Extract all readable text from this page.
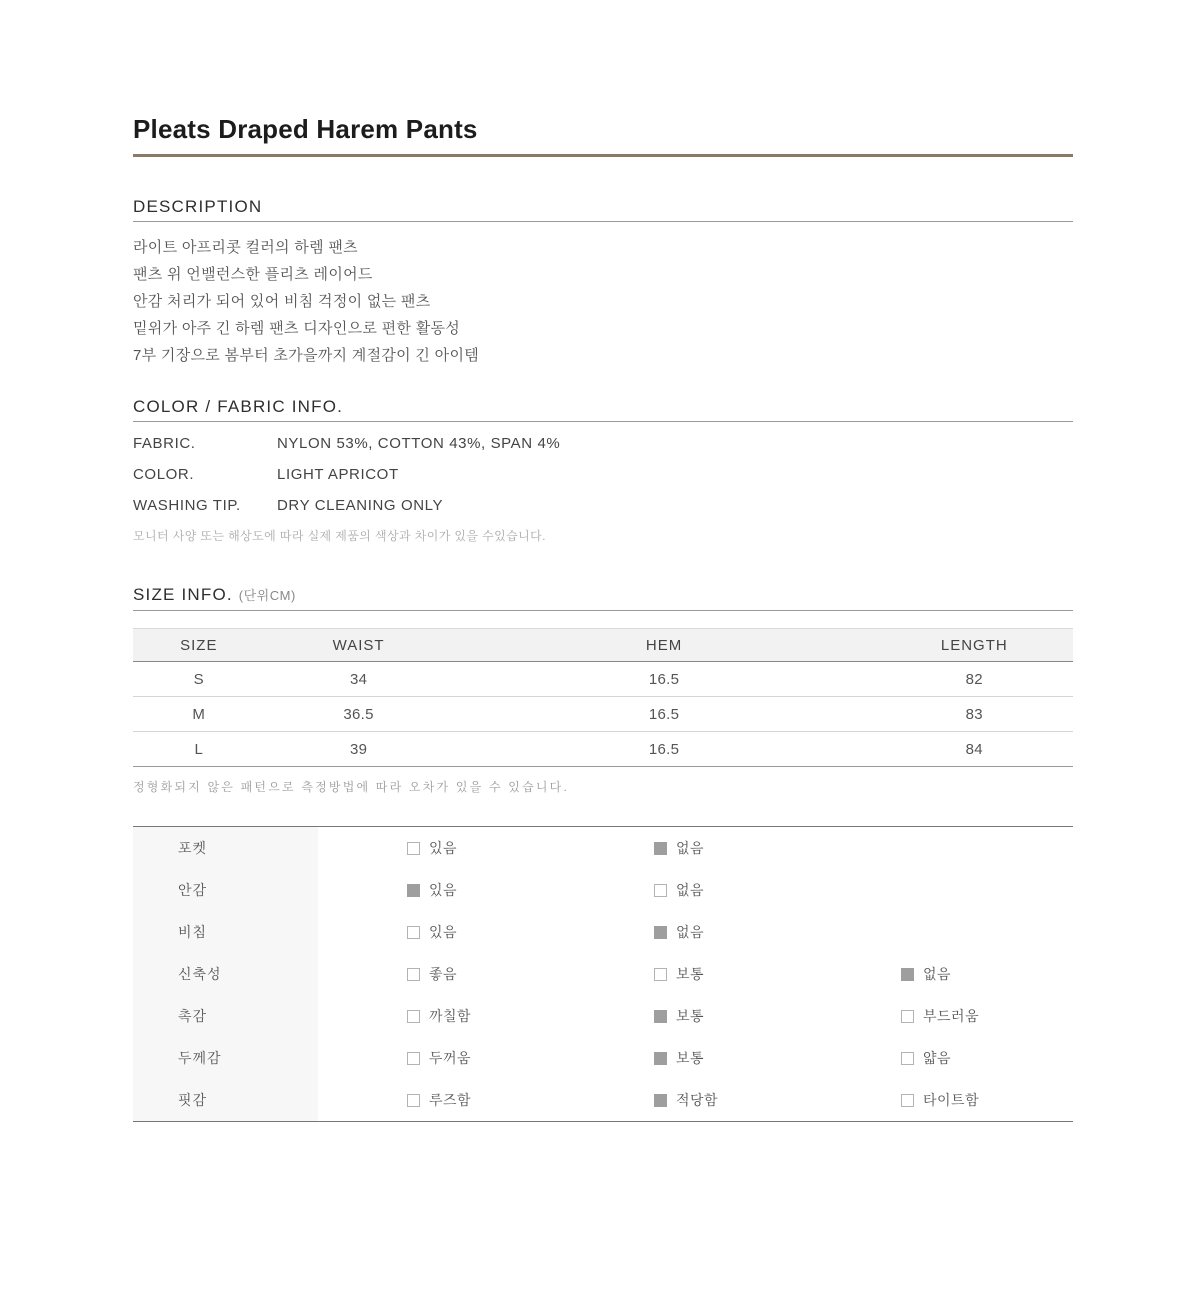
Pleats Draped Harem Pants
DESCRIPTION

라이트 아프리콧 컬러의 하렘 팬츠

팬츠 위 언밸런스한 플리츠 레이어드

안감 처리가 되어 있어 비침 걱정이 없는 팬츠

밑위가 아주 긴 하렘 팬츠 디자인으로 편한 활동성

7부 기장으로 봄부터 초가을까지 계절감이 긴 아이템

COLOR / FABRIC INFO.
FABRIC.	NYLON 53%, COTTON 43%, SPAN 4%
COLOR.	LIGHT APRICOT
WASHING TIP.	DRY CLEANING ONLY

모니터 사양 또는 해상도에 따라 실제 제품의 색상과 차이가 있을 수있습니다.

SIZE INFO. (단위CM)
SIZE	WAIST	HEM	LENGTH
S	34	16.5	82
M	36.5	16.5	83
L	39	16.5	84

정형화되지 않은 패턴으로 측정방법에 따라 오차가 있을 수 있습니다.

포켓	있음	없음
안감	있음	없음
비침	있음	없음
신축성	좋음	보통	없음
촉감	까칠함	보통	부드러움
두께감	두꺼움	보통	얇음
핏감	루즈함	적당함	타이트함
